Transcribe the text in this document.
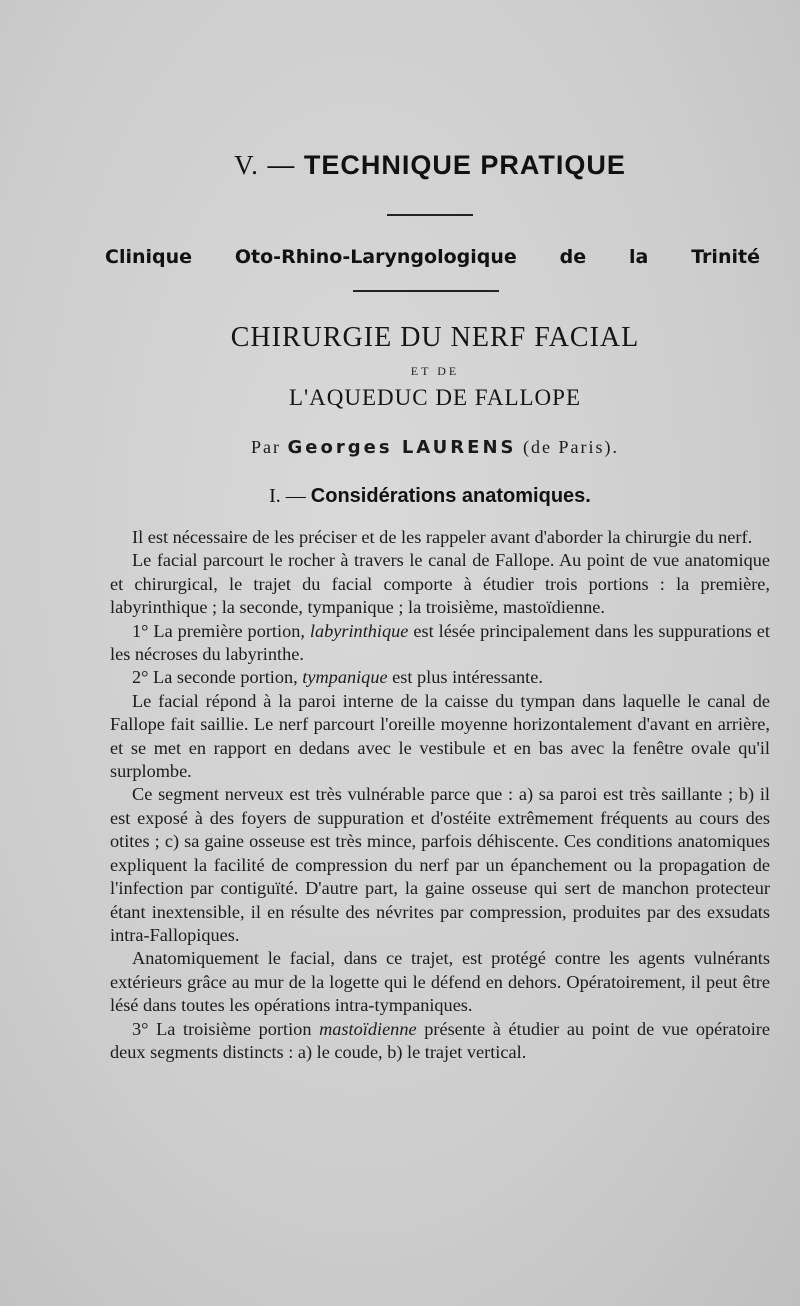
V. — TECHNIQUE PRATIQUE
Clinique Oto-Rhino-Laryngologique de la Trinité
CHIRURGIE DU NERF FACIAL
ET DE
L'AQUEDUC DE FALLOPE
Par Georges LAURENS (de Paris).
I. — Considérations anatomiques.

Il est nécessaire de les préciser et de les rappeler avant d'aborder la chirurgie du nerf.

Le facial parcourt le rocher à travers le canal de Fallope. Au point de vue anatomique et chirurgical, le trajet du facial comporte à étudier trois portions : la première, labyrinthique ; la seconde, tympanique ; la troisième, mastoïdienne.

1° La première portion, labyrinthique est lésée principalement dans les suppurations et les nécroses du labyrinthe.

2° La seconde portion, tympanique est plus intéressante.

Le facial répond à la paroi interne de la caisse du tympan dans laquelle le canal de Fallope fait saillie. Le nerf parcourt l'oreille moyenne horizontalement d'avant en arrière, et se met en rapport en dedans avec le vestibule et en bas avec la fenêtre ovale qu'il surplombe.

Ce segment nerveux est très vulnérable parce que : a) sa paroi est très saillante ; b) il est exposé à des foyers de suppuration et d'ostéite extrêmement fréquents au cours des otites ; c) sa gaine osseuse est très mince, parfois déhiscente. Ces conditions anatomiques expliquent la facilité de compression du nerf par un épanchement ou la propagation de l'infection par contiguïté. D'autre part, la gaine osseuse qui sert de manchon protecteur étant inextensible, il en résulte des névrites par compression, produites par des exsudats intra-Fallopiques.

Anatomiquement le facial, dans ce trajet, est protégé contre les agents vulnérants extérieurs grâce au mur de la logette qui le défend en dehors. Opératoirement, il peut être lésé dans toutes les opérations intra-tympaniques.

3° La troisième portion mastoïdienne présente à étudier au point de vue opératoire deux segments distincts : a) le coude, b) le trajet vertical.
